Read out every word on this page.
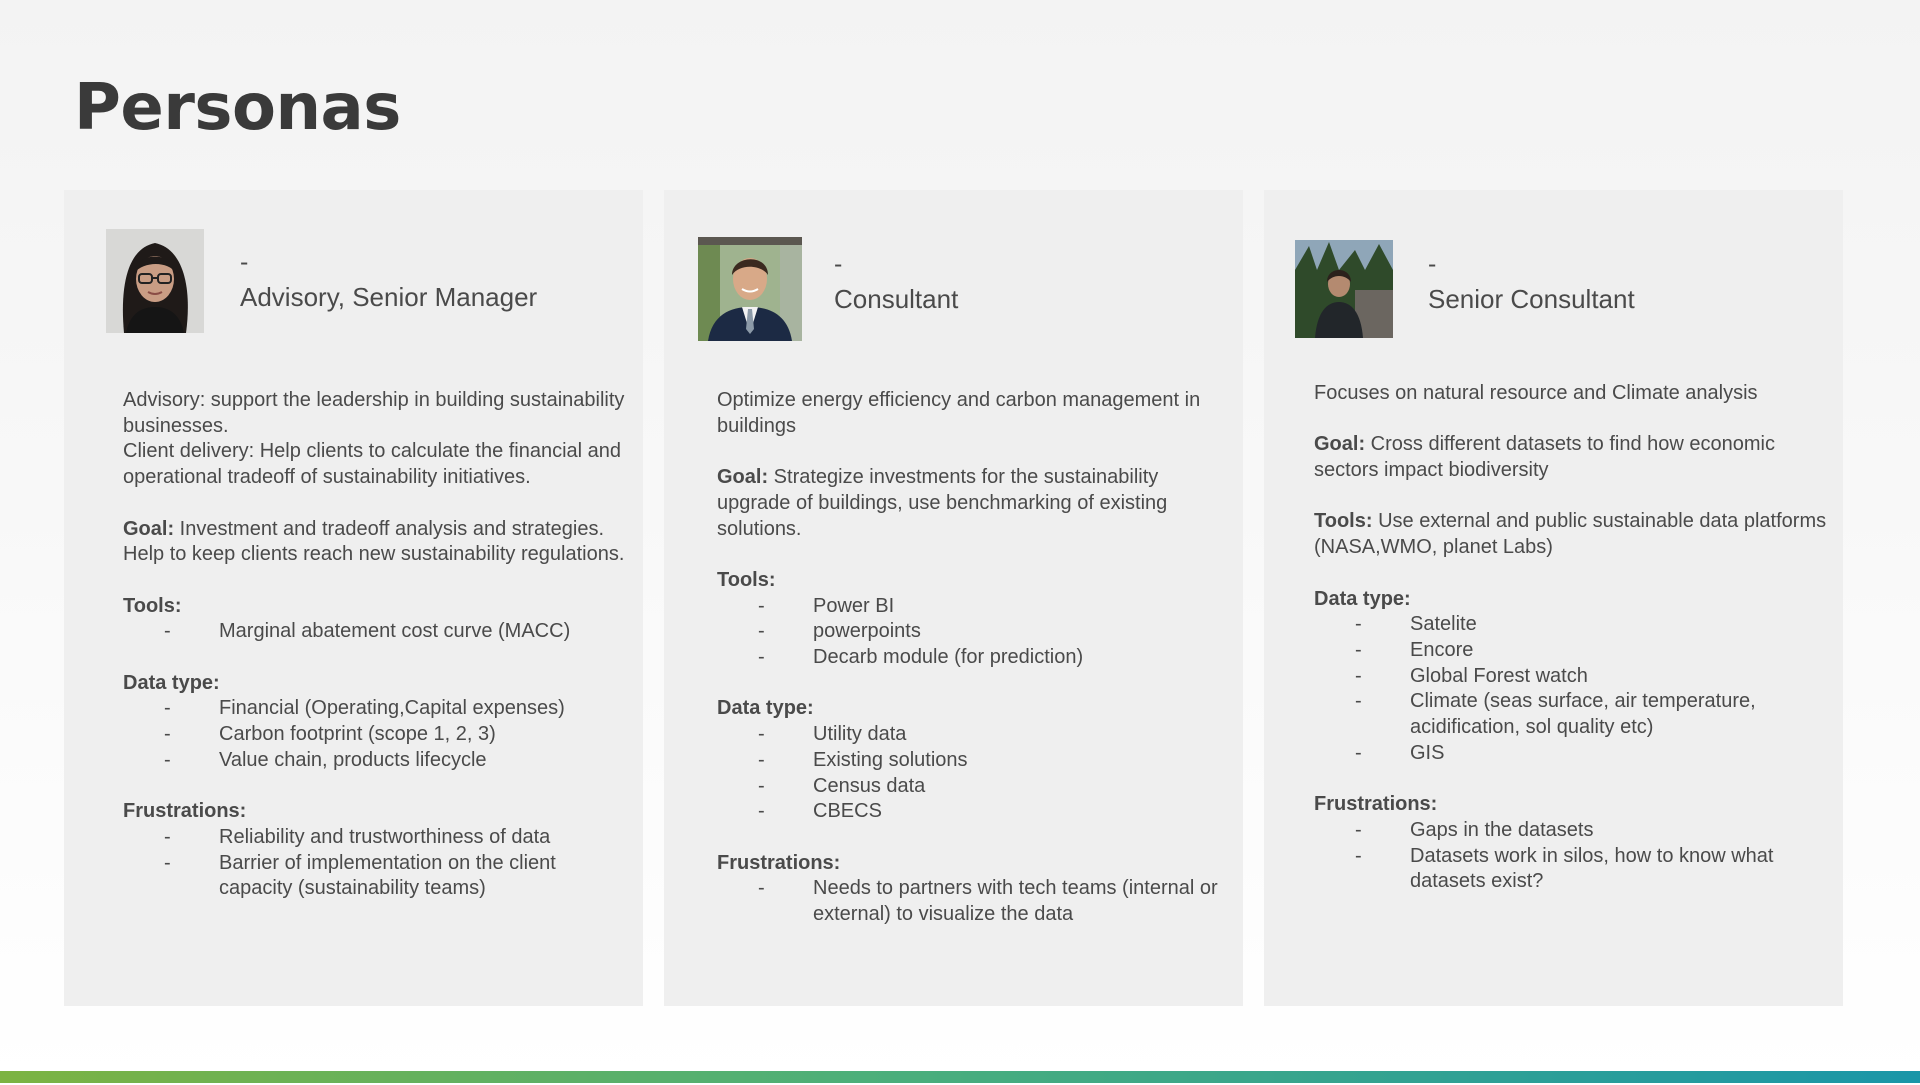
Personas
-
Advisory, Senior Manager

Advisory: support the leadership in building sustainability businesses.

Client delivery: Help clients to calculate the financial and operational tradeoff of sustainability initiatives.

Goal: Investment and tradeoff analysis and strategies. Help to keep clients reach new sustainability regulations.

Tools:

- Marginal abatement cost curve (MACC)

Data type:

- Financial (Operating,Capital expenses)
- Carbon footprint (scope 1, 2, 3)
- Value chain, products lifecycle

Frustrations:

- Reliability and trustworthiness of data
- Barrier of implementation on the client capacity (sustainability teams)
-
Consultant

Optimize energy efficiency and carbon management in buildings

Goal: Strategize investments for the sustainability upgrade of buildings, use benchmarking of existing solutions.

Tools:

- Power BI
- powerpoints
- Decarb module (for prediction)

Data type:

- Utility data
- Existing solutions
- Census data
- CBECS

Frustrations:

- Needs to partners with tech teams (internal or external) to visualize the data
-
Senior Consultant

Focuses on natural resource and Climate analysis

Goal: Cross different datasets to find how economic sectors impact biodiversity

Tools: Use external and public sustainable data platforms (NASA,WMO, planet Labs)

Data type:

- Satelite
- Encore
- Global Forest watch
- Climate (seas surface, air temperature, acidification, sol quality etc)
- GIS

Frustrations:

- Gaps in the datasets
- Datasets work in silos, how to know what datasets exist?
